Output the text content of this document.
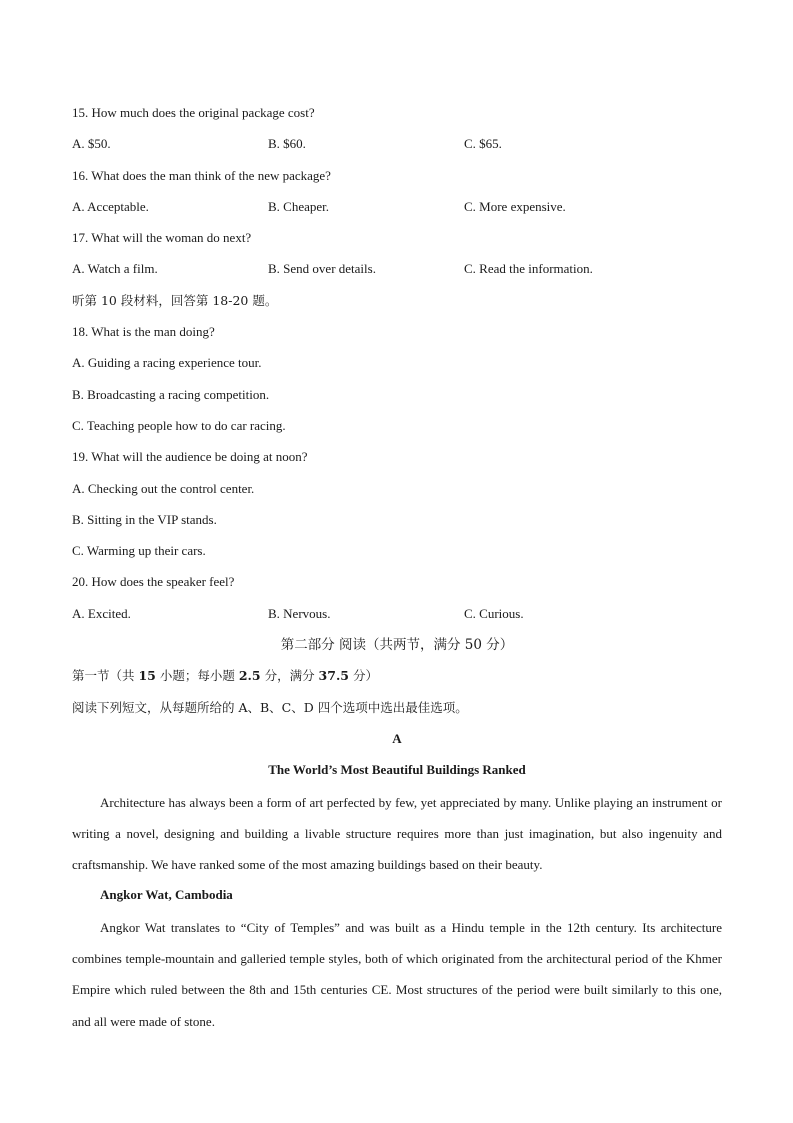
15. How much does the original package cost?
A. $50.	B. $60.	C. $65.
16. What does the man think of the new package?
A. Acceptable.	B. Cheaper.	C. More expensive.
17. What will the woman do next?
A. Watch a film.	B. Send over details.	C. Read the information.
听第 10 段材料，回答第 18-20 题。
18. What is the man doing?
A. Guiding a racing experience tour.
B. Broadcasting a racing competition.
C. Teaching people how to do car racing.
19. What will the audience be doing at noon?
A. Checking out the control center.
B. Sitting in the VIP stands.
C. Warming up their cars.
20. How does the speaker feel?
A. Excited.	B. Nervous.	C. Curious.
第二部分 阅读（共两节，满分 50 分）
第一节（共 15 小题；每小题 2.5 分，满分 37.5 分）
阅读下列短文，从每题所给的 A、B、C、D 四个选项中选出最佳选项。
A
The World’s Most Beautiful Buildings Ranked
Architecture has always been a form of art perfected by few, yet appreciated by many. Unlike playing an instrument or writing a novel, designing and building a livable structure requires more than just imagination, but also ingenuity and craftsmanship. We have ranked some of the most amazing buildings based on their beauty.
Angkor Wat, Cambodia
Angkor Wat translates to “City of Temples” and was built as a Hindu temple in the 12th century. Its architecture combines temple-mountain and galleried temple styles, both of which originated from the architectural period of the Khmer Empire which ruled between the 8th and 15th centuries CE. Most structures of the period were built similarly to this one, and all were made of stone.
